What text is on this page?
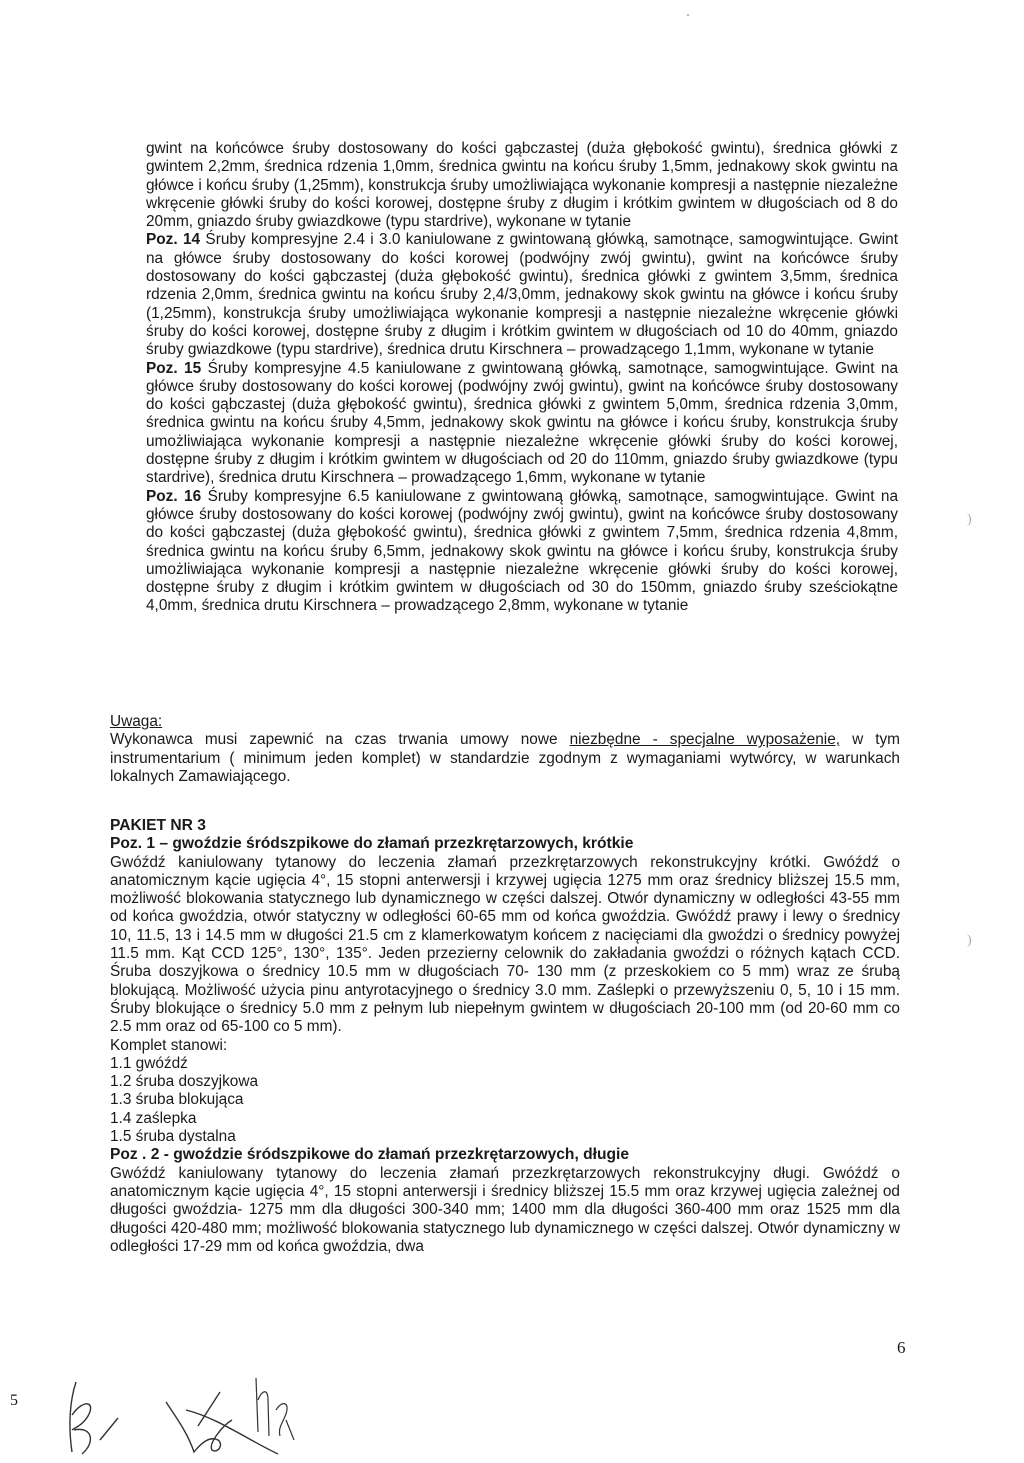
gwint na końcówce śruby dostosowany do kości gąbczastej (duża głębokość gwintu), średnica główki z gwintem 2,2mm, średnica rdzenia 1,0mm, średnica gwintu na końcu śruby 1,5mm, jednakowy skok gwintu na główce i końcu śruby (1,25mm), konstrukcja śruby umożliwiająca wykonanie kompresji a następnie niezależne wkręcenie główki śruby do kości korowej, dostępne śruby z długim i krótkim gwintem w długościach od 8 do 20mm, gniazdo śruby gwiazdkowe (typu stardrive), wykonane w tytanie

Poz. 14 Śruby kompresyjne 2.4 i 3.0 kaniulowane z gwintowaną główką, samotnące, samogwintujące. Gwint na główce śruby dostosowany do kości korowej (podwójny zwój gwintu), gwint na końcówce śruby dostosowany do kości gąbczastej (duża głębokość gwintu), średnica główki z gwintem 3,5mm, średnica rdzenia 2,0mm, średnica gwintu na końcu śruby 2,4/3,0mm, jednakowy skok gwintu na główce i końcu śruby (1,25mm), konstrukcja śruby umożliwiająca wykonanie kompresji a następnie niezależne wkręcenie główki śruby do kości korowej, dostępne śruby z długim i krótkim gwintem w długościach od 10 do 40mm, gniazdo śruby gwiazdkowe (typu stardrive), średnica drutu Kirschnera – prowadzącego 1,1mm, wykonane w tytanie

Poz. 15 Śruby kompresyjne 4.5 kaniulowane z gwintowaną główką, samotnące, samogwintujące. Gwint na główce śruby dostosowany do kości korowej (podwójny zwój gwintu), gwint na końcówce śruby dostosowany do kości gąbczastej (duża głębokość gwintu), średnica główki z gwintem 5,0mm, średnica rdzenia 3,0mm, średnica gwintu na końcu śruby 4,5mm, jednakowy skok gwintu na główce i końcu śruby, konstrukcja śruby umożliwiająca wykonanie kompresji a następnie niezależne wkręcenie główki śruby do kości korowej, dostępne śruby z długim i krótkim gwintem w długościach od 20 do 110mm, gniazdo śruby gwiazdkowe (typu stardrive), średnica drutu Kirschnera – prowadzącego 1,6mm, wykonane w tytanie

Poz. 16 Śruby kompresyjne 6.5 kaniulowane z gwintowaną główką, samotnące, samogwintujące. Gwint na główce śruby dostosowany do kości korowej (podwójny zwój gwintu), gwint na końcówce śruby dostosowany do kości gąbczastej (duża głębokość gwintu), średnica główki z gwintem 7,5mm, średnica rdzenia 4,8mm, średnica gwintu na końcu śruby 6,5mm, jednakowy skok gwintu na główce i końcu śruby, konstrukcja śruby umożliwiająca wykonanie kompresji a następnie niezależne wkręcenie główki śruby do kości korowej, dostępne śruby z długim i krótkim gwintem w długościach od 30 do 150mm, gniazdo śruby sześciokątne 4,0mm, średnica drutu Kirschnera – prowadzącego 2,8mm, wykonane w tytanie

Uwaga:

Wykonawca musi zapewnić na czas trwania umowy nowe niezbędne - specjalne wyposażenie, w tym instrumentarium ( minimum jeden komplet) w standardzie zgodnym z wymaganiami wytwórcy, w warunkach lokalnych Zamawiającego.

PAKIET NR 3

Poz. 1 – gwoździe śródszpikowe do złamań przezkrętarzowych, krótkie

Gwóźdź kaniulowany tytanowy do leczenia złamań przezkrętarzowych rekonstrukcyjny krótki. Gwóźdź o anatomicznym kącie ugięcia 4°, 15 stopni anterwersji i krzywej ugięcia 1275 mm oraz średnicy bliższej 15.5 mm, możliwość blokowania statycznego lub dynamicznego w części dalszej. Otwór dynamiczny w odległości 43-55 mm od końca gwoździa, otwór statyczny w odległości 60-65 mm od końca gwoździa. Gwóźdź prawy i lewy o średnicy 10, 11.5, 13 i 14.5 mm w długości 21.5 cm z klamerkowatym końcem z nacięciami dla gwoździ o średnicy powyżej 11.5 mm. Kąt CCD 125°, 130°, 135°. Jeden przezierny celownik do zakładania gwoździ o różnych kątach CCD. Śruba doszyjkowa o średnicy 10.5 mm w długościach 70- 130 mm (z przeskokiem co 5 mm) wraz ze śrubą blokującą. Możliwość użycia pinu antyrotacyjnego o średnicy 3.0 mm. Zaślepki o przewyższeniu 0, 5, 10 i 15 mm. Śruby blokujące o średnicy 5.0 mm z pełnym lub niepełnym gwintem w długościach 20-100 mm (od 20-60 mm co 2.5 mm oraz od 65-100 co 5 mm).

Komplet stanowi:

1.1 gwóźdź

1.2 śruba doszyjkowa

1.3 śruba blokująca

1.4 zaślepka

1.5 śruba dystalna

Poz . 2 - gwoździe śródszpikowe do złamań przezkrętarzowych, długie

Gwóźdź kaniulowany tytanowy do leczenia złamań przezkrętarzowych rekonstrukcyjny długi. Gwóźdź o anatomicznym kącie ugięcia 4°, 15 stopni anterwersji i średnicy bliższej 15.5 mm oraz krzywej ugięcia zależnej od długości gwoździa- 1275 mm dla długości 300-340 mm; 1400 mm dla długości 360-400 mm oraz 1525 mm dla długości 420-480 mm; możliwość blokowania statycznego lub dynamicznego w części dalszej. Otwór dynamiczny w odległości 17-29 mm od końca gwoździa, dwa

)
)
5
6
